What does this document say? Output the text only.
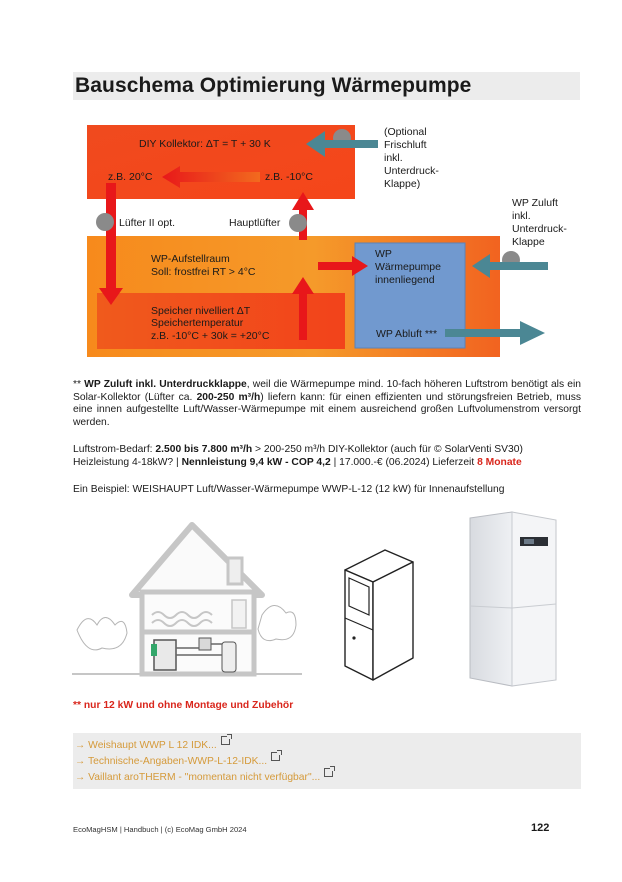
Bauschema Optimierung Wärmepumpe
DIY Kollektor: ΔT = T + 30 K
z.B. 20°C	z.B. -10°C
WP-Aufstellraum
Soll: frostfrei RT > 4°C
Speicher nivelliert ΔT
Speichertemperatur
z.B. -10°C + 30k = +20°C
WP
Wärmepumpe
innenliegend
WP Abluft ***
Lüfter II opt.	Hauptlüfter
(Optional
Frischluft
inkl.
Unterdruck-
Klappe)
WP Zuluft
inkl.
Unterdruck-
Klappe
** WP Zuluft inkl. Unterdruckklappe, weil die Wärmepumpe mind. 10-fach höheren Luftstrom benötigt als ein Solar-Kollektor (Lüfter ca. 200-250 m³/h) liefern kann: für einen effizienten und störungsfreien Betrieb, muss eine innen aufgestellte Luft/Wasser-Wärmepumpe mit einem ausreichend großen Luftvolumenstrom versorgt werden.
Luftstrom-Bedarf: 2.500 bis 7.800 m³/h > 200-250 m³/h DIY-Kollektor (auch für © SolarVenti SV30)
Heizleistung 4-18kW? | Nennleistung 9,4 kW - COP 4,2 | 17.000.-€ (06.2024) Lieferzeit 8 Monate
Ein Beispiel: WEISHAUPT Luft/Wasser-Wärmepumpe WWP-L-12 (12 kW) für Innenaufstellung
** nur 12 kW und ohne Montage und Zubehör
→ Weishaupt WWP L 12 IDK...
→ Technische-Angaben-WWP-L-12-IDK...
→ Vaillant aroTHERM - "momentan nicht verfügbar"...
EcoMagHSM | Handbuch | (c) EcoMag GmbH 2024	122
